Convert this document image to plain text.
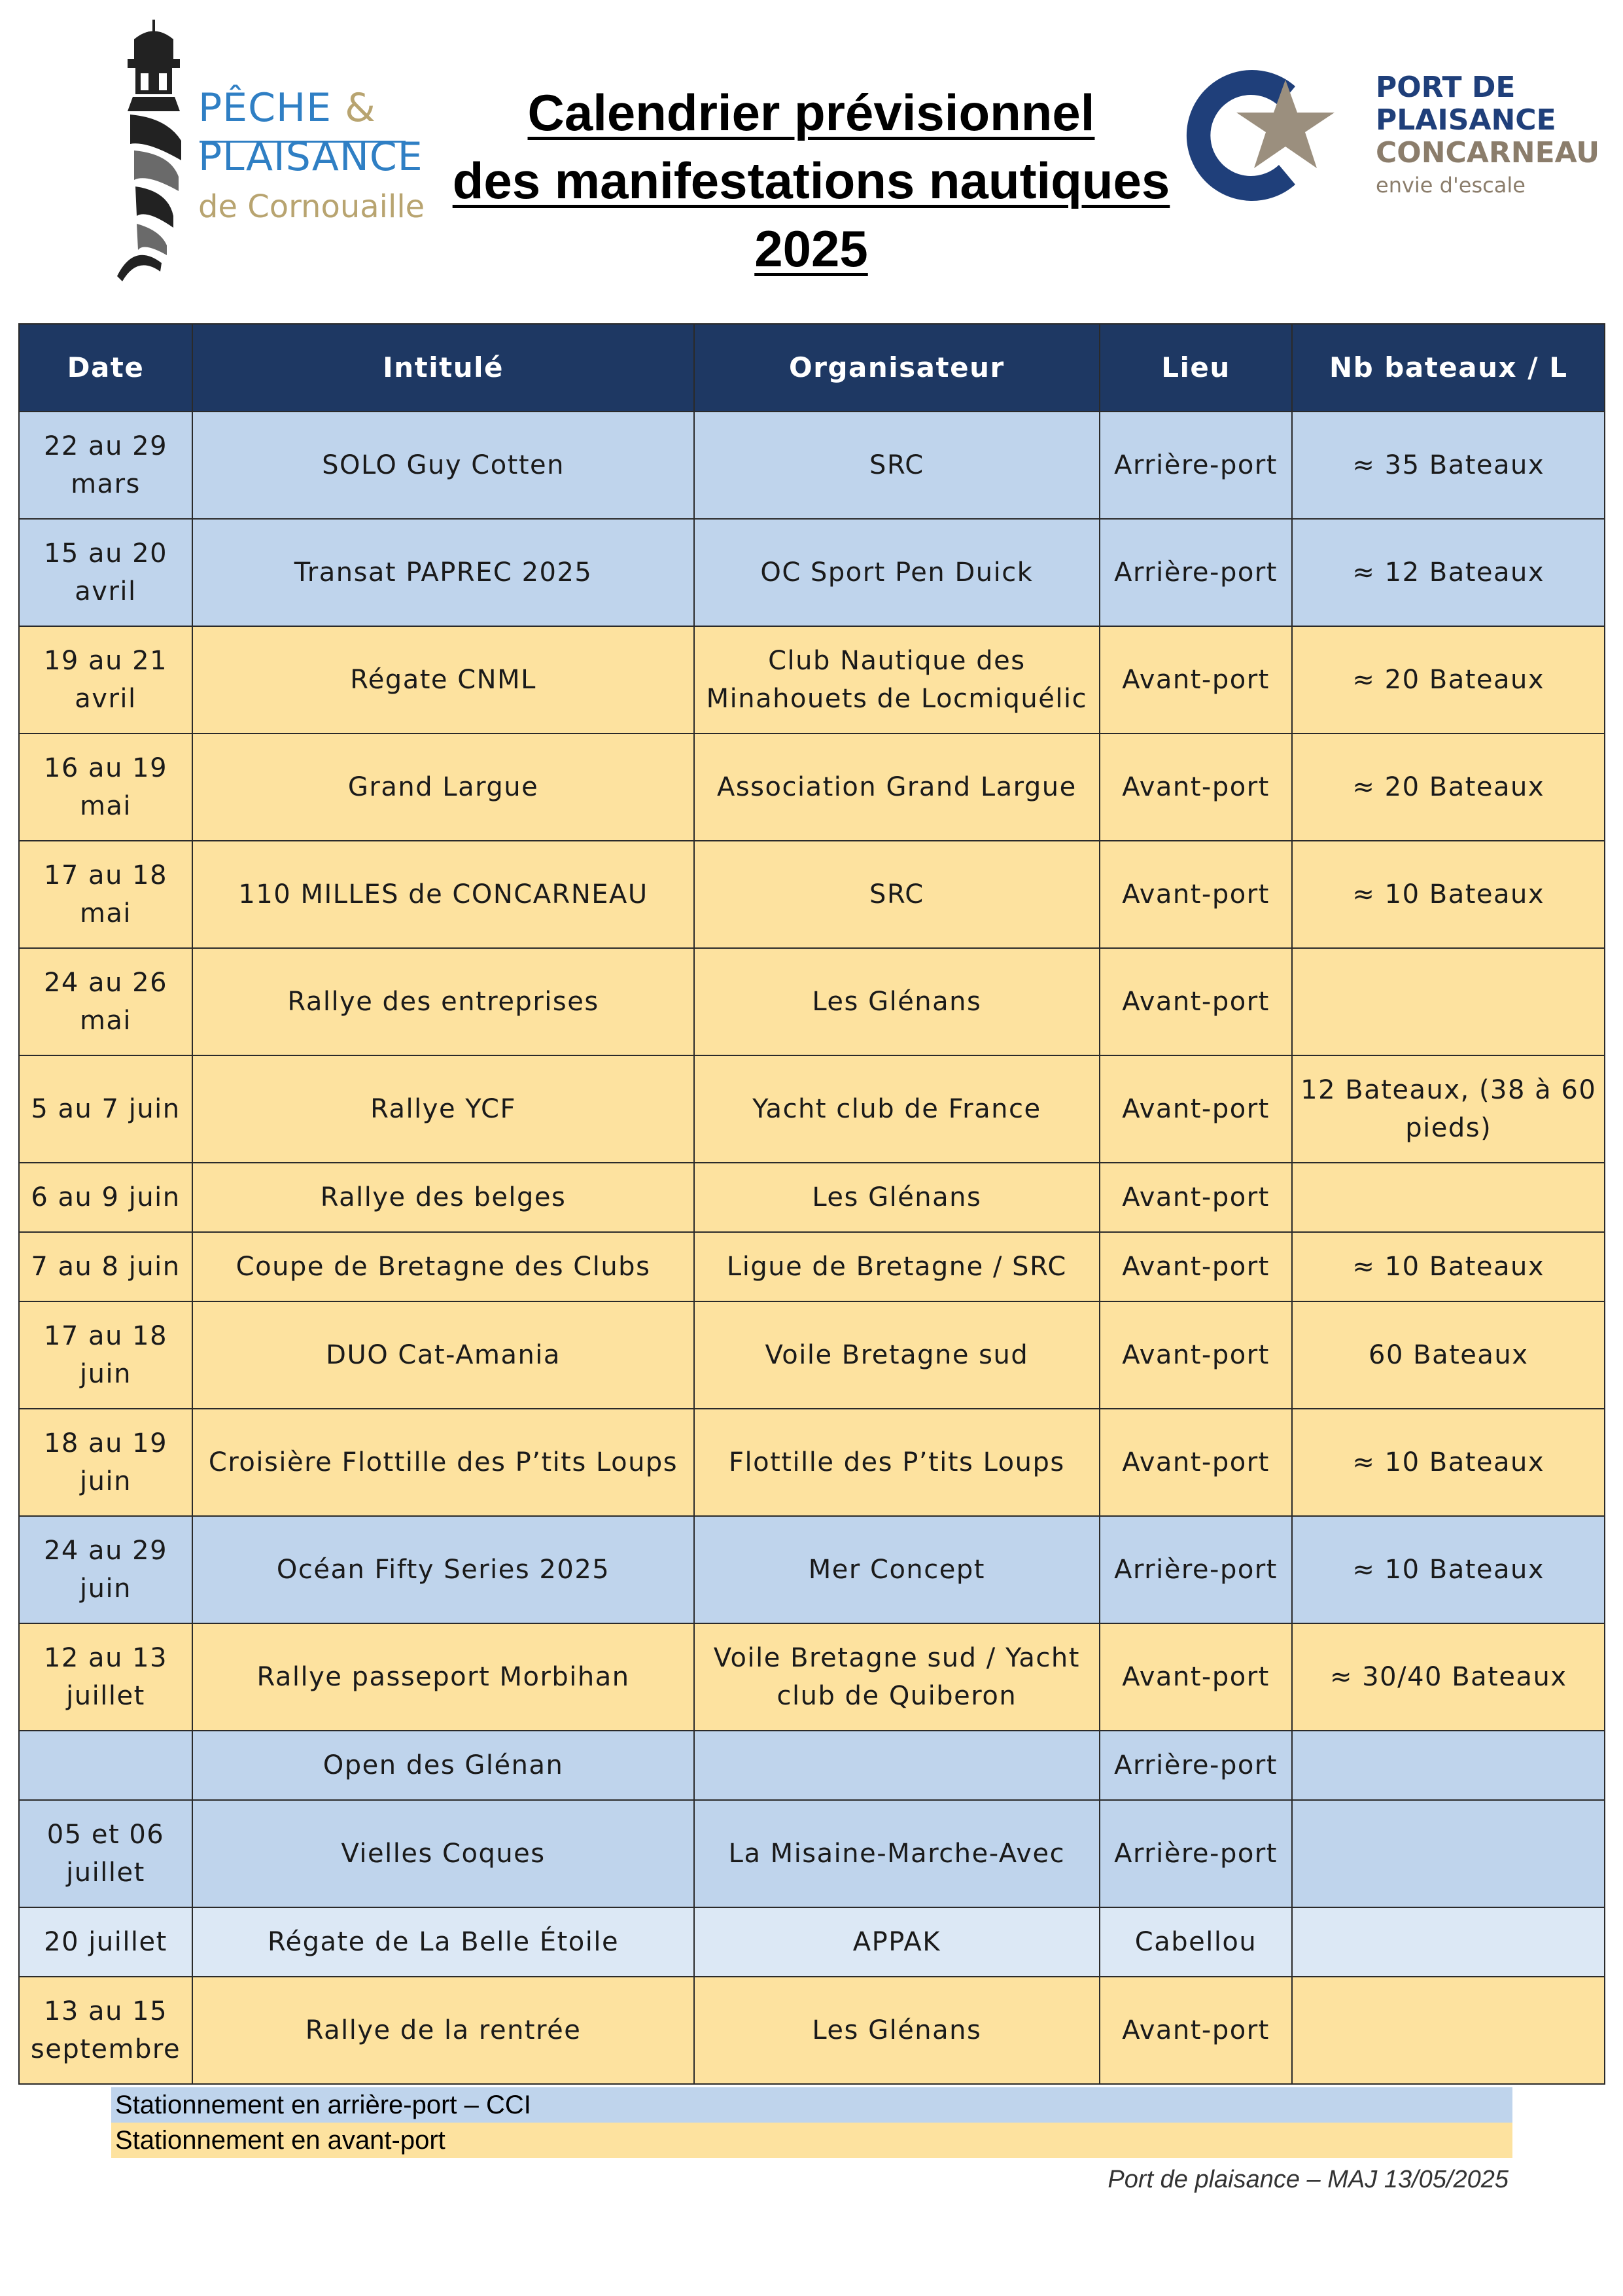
PÊCHE &
PLAISANCE
de Cornouaille
Calendrier prévisionnel
des manifestations nautiques
2025
PORT DE
PLAISANCE
CONCARNEAU
envie d'escale
Date	Intitulé	Organisateur	Lieu	Nb bateaux / L
22 au 29 mars	SOLO Guy Cotten	SRC	Arrière-port	≈ 35 Bateaux
15 au 20 avril	Transat PAPREC 2025	OC Sport Pen Duick	Arrière-port	≈ 12 Bateaux
19 au 21 avril	Régate CNML	Club Nautique des Minahouets de Locmiquélic	Avant-port	≈ 20 Bateaux
16 au 19 mai	Grand Largue	Association Grand Largue	Avant-port	≈ 20 Bateaux
17 au 18 mai	110 MILLES de CONCARNEAU	SRC	Avant-port	≈ 10 Bateaux
24 au 26 mai	Rallye des entreprises	Les Glénans	Avant-port	
5 au 7 juin	Rallye YCF	Yacht club de France	Avant-port	12 Bateaux, (38 à 60 pieds)
6 au 9 juin	Rallye des belges	Les Glénans	Avant-port	
7 au 8 juin	Coupe de Bretagne des Clubs	Ligue de Bretagne / SRC	Avant-port	≈ 10 Bateaux
17 au 18 juin	DUO Cat-Amania	Voile Bretagne sud	Avant-port	60 Bateaux
18 au 19 juin	Croisière Flottille des P’tits Loups	Flottille des P’tits Loups	Avant-port	≈ 10 Bateaux
24 au 29 juin	Océan Fifty Series 2025	Mer Concept	Arrière-port	≈ 10 Bateaux
12 au 13 juillet	Rallye passeport Morbihan	Voile Bretagne sud / Yacht club de Quiberon	Avant-port	≈ 30/40 Bateaux
	Open des Glénan		Arrière-port	
05 et 06 juillet	Vielles Coques	La Misaine-Marche-Avec	Arrière-port	
20 juillet	Régate de La Belle Étoile	APPAK	Cabellou	
13 au 15 septembre	Rallye de la rentrée	Les Glénans	Avant-port	
Stationnement en arrière-port – CCI
Stationnement en avant-port
Port de plaisance – MAJ 13/05/2025
